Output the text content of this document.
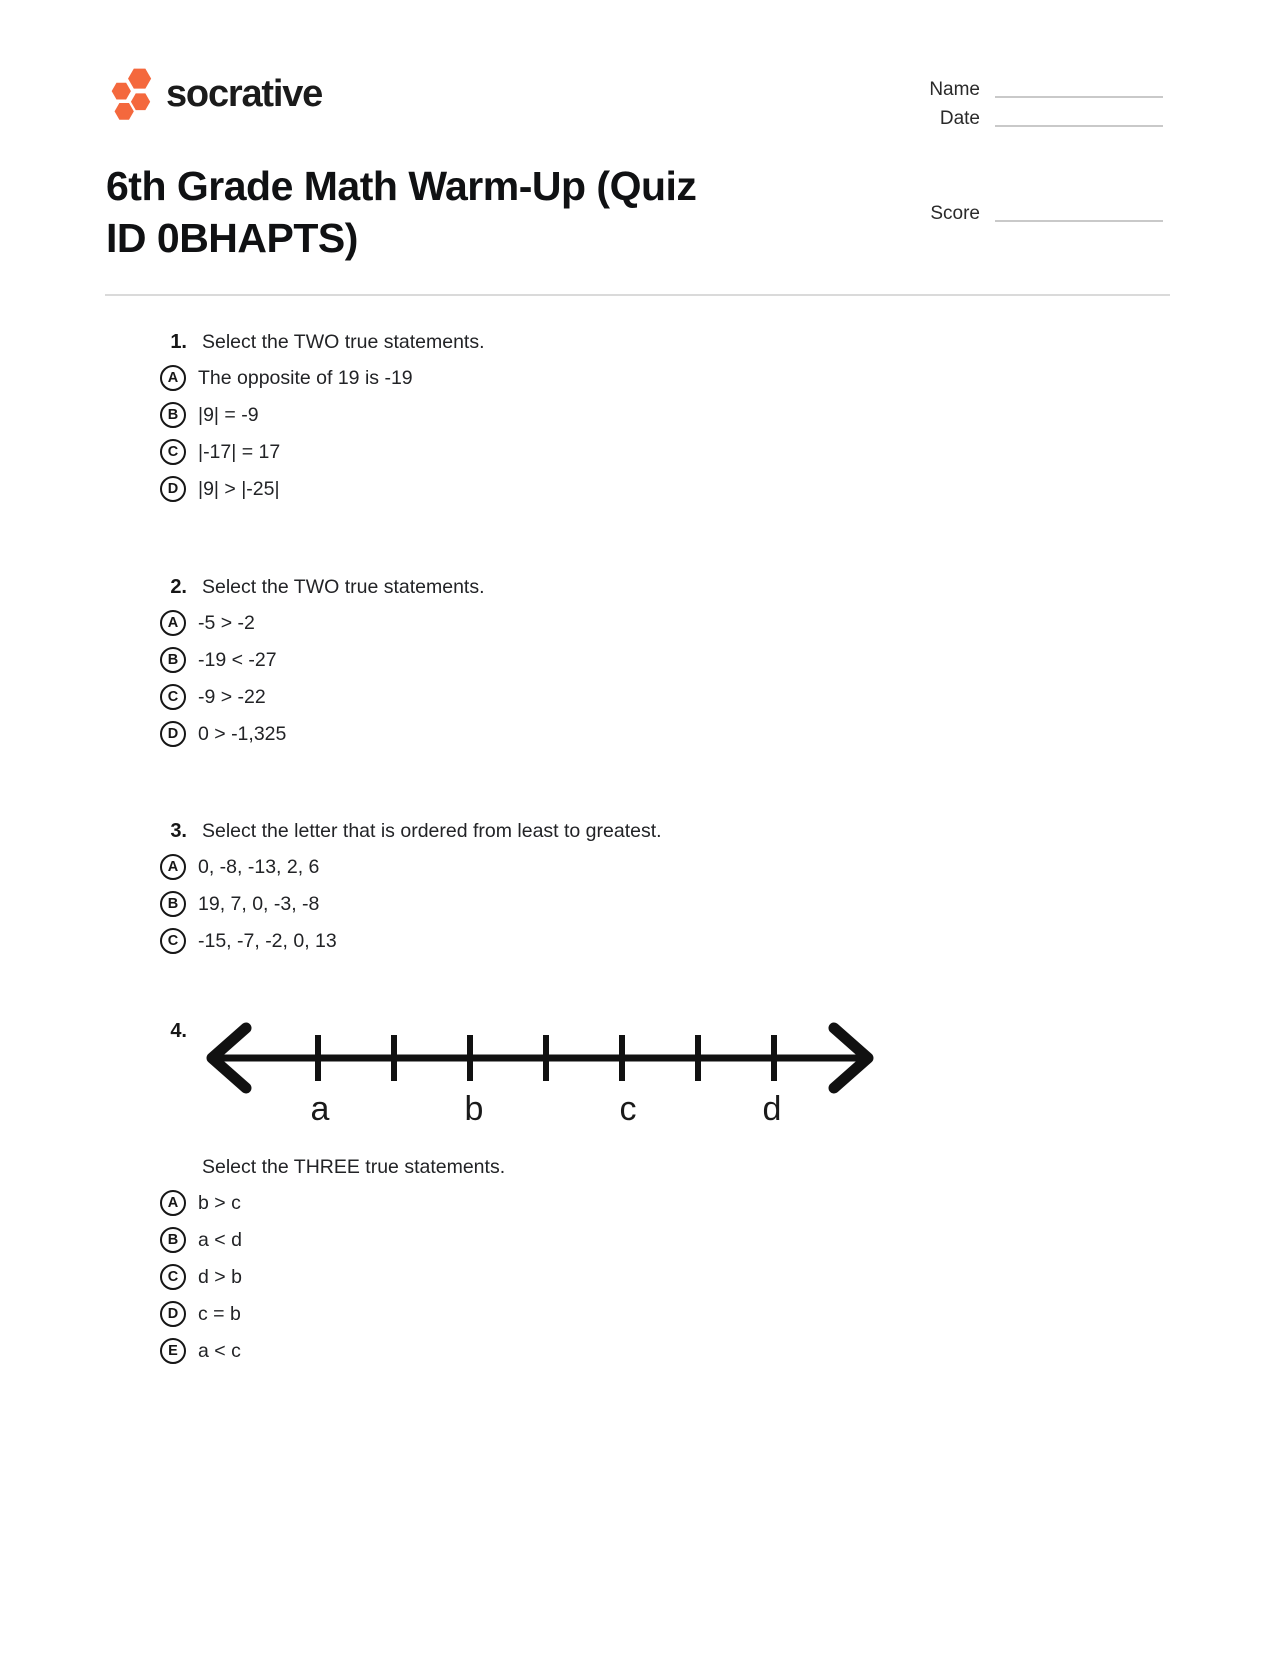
socrative	Name
Date
Score
6th Grade Math Warm-Up (Quiz
ID 0BHAPTS)
1. Select the TWO true statements.
A	The opposite of 19 is -19
B	|9| = -9
C	|-17| = 17
D	|9| > |-25|
2. Select the TWO true statements.
A	-5 > -2
B	-19 < -27
C	-9 > -22
D	0 > -1,325
3. Select the letter that is ordered from least to greatest.
A	0, -8, -13, 2, 6
B	19, 7, 0, -3, -8
C	-15, -7, -2, 0, 13
4.
a	b	c	d
Select the THREE true statements.
A	b > c
B	a < d
C	d > b
D	c = b
E	a < c
